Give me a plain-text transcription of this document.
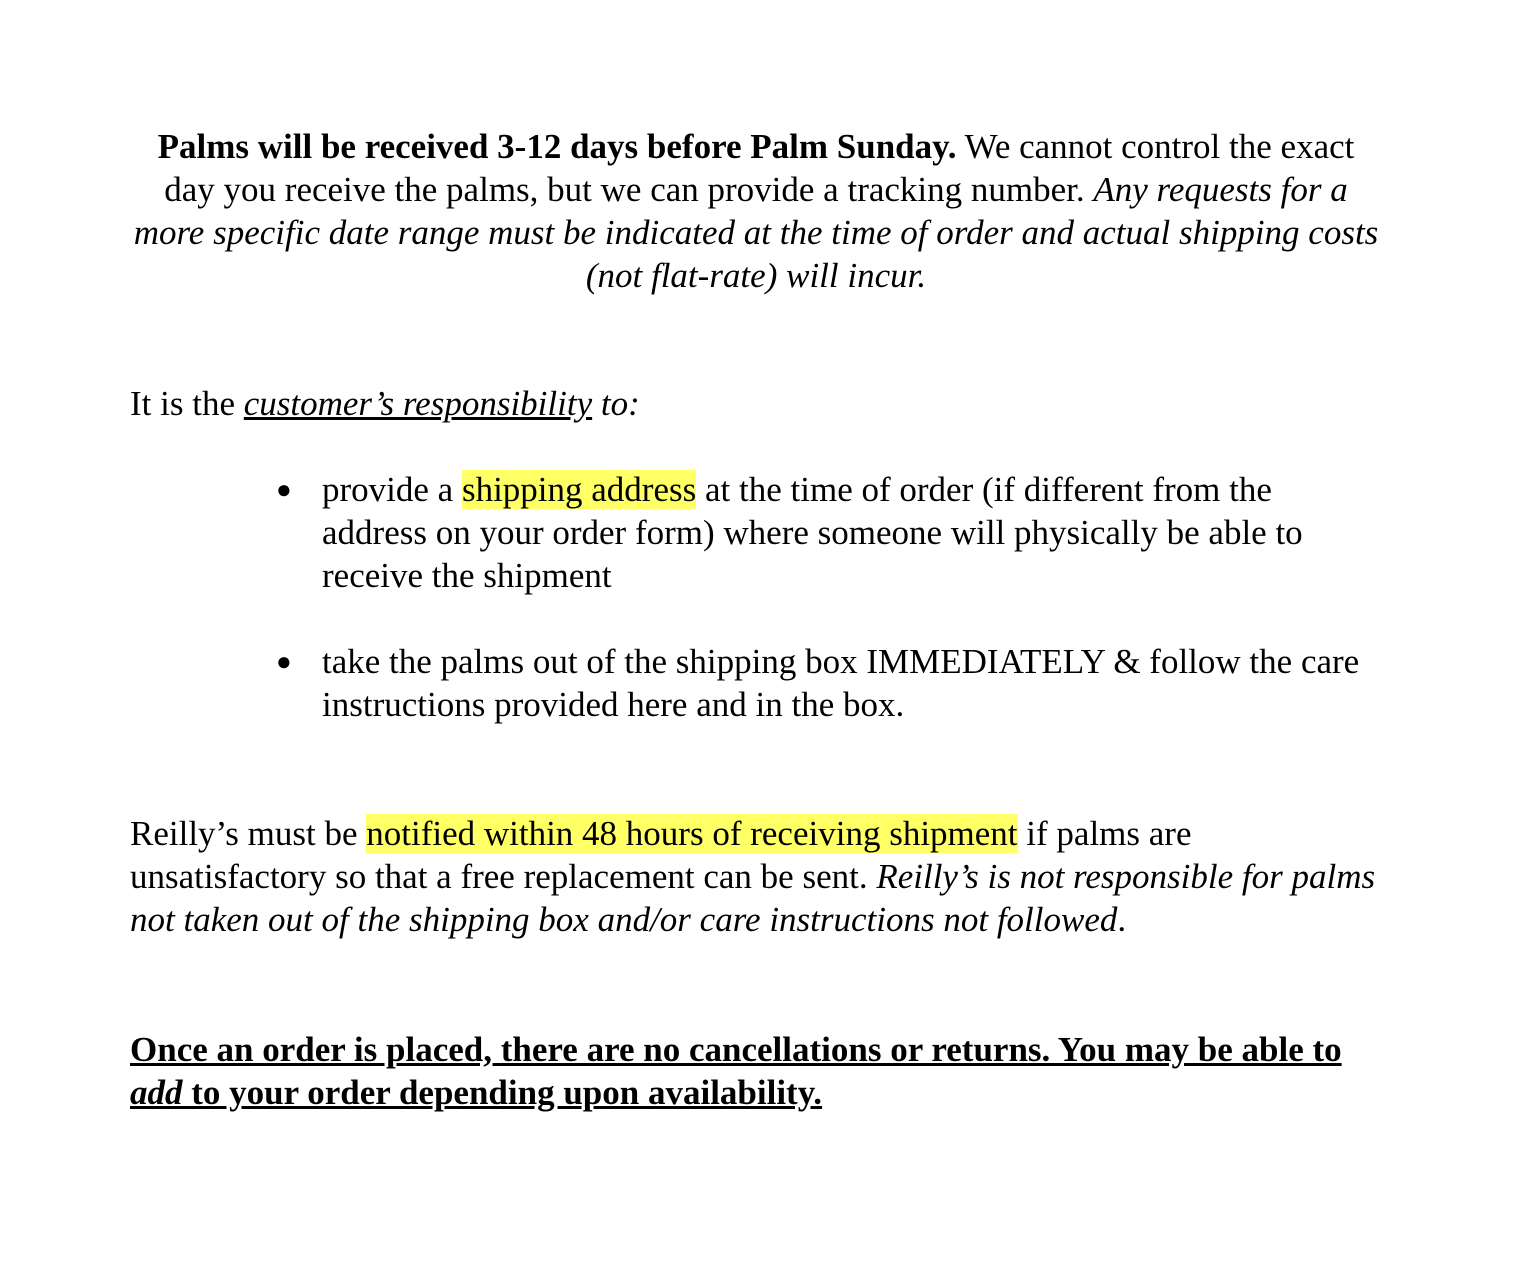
Palms will be received 3-12 days before Palm Sunday. We cannot control the exact day you receive the palms, but we can provide a tracking number. Any requests for a more specific date range must be indicated at the time of order and actual shipping costs (not flat-rate) will incur.

It is the customer’s responsibility to:

● provide a shipping address at the time of order (if different from the address on your order form) where someone will physically be able to receive the shipment
● take the palms out of the shipping box IMMEDIATELY & follow the care instructions provided here and in the box.

Reilly’s must be notified within 48 hours of receiving shipment if palms are unsatisfactory so that a free replacement can be sent. Reilly’s is not responsible for palms not taken out of the shipping box and/or care instructions not followed.

Once an order is placed, there are no cancellations or returns. You may be able to add to your order depending upon availability.
